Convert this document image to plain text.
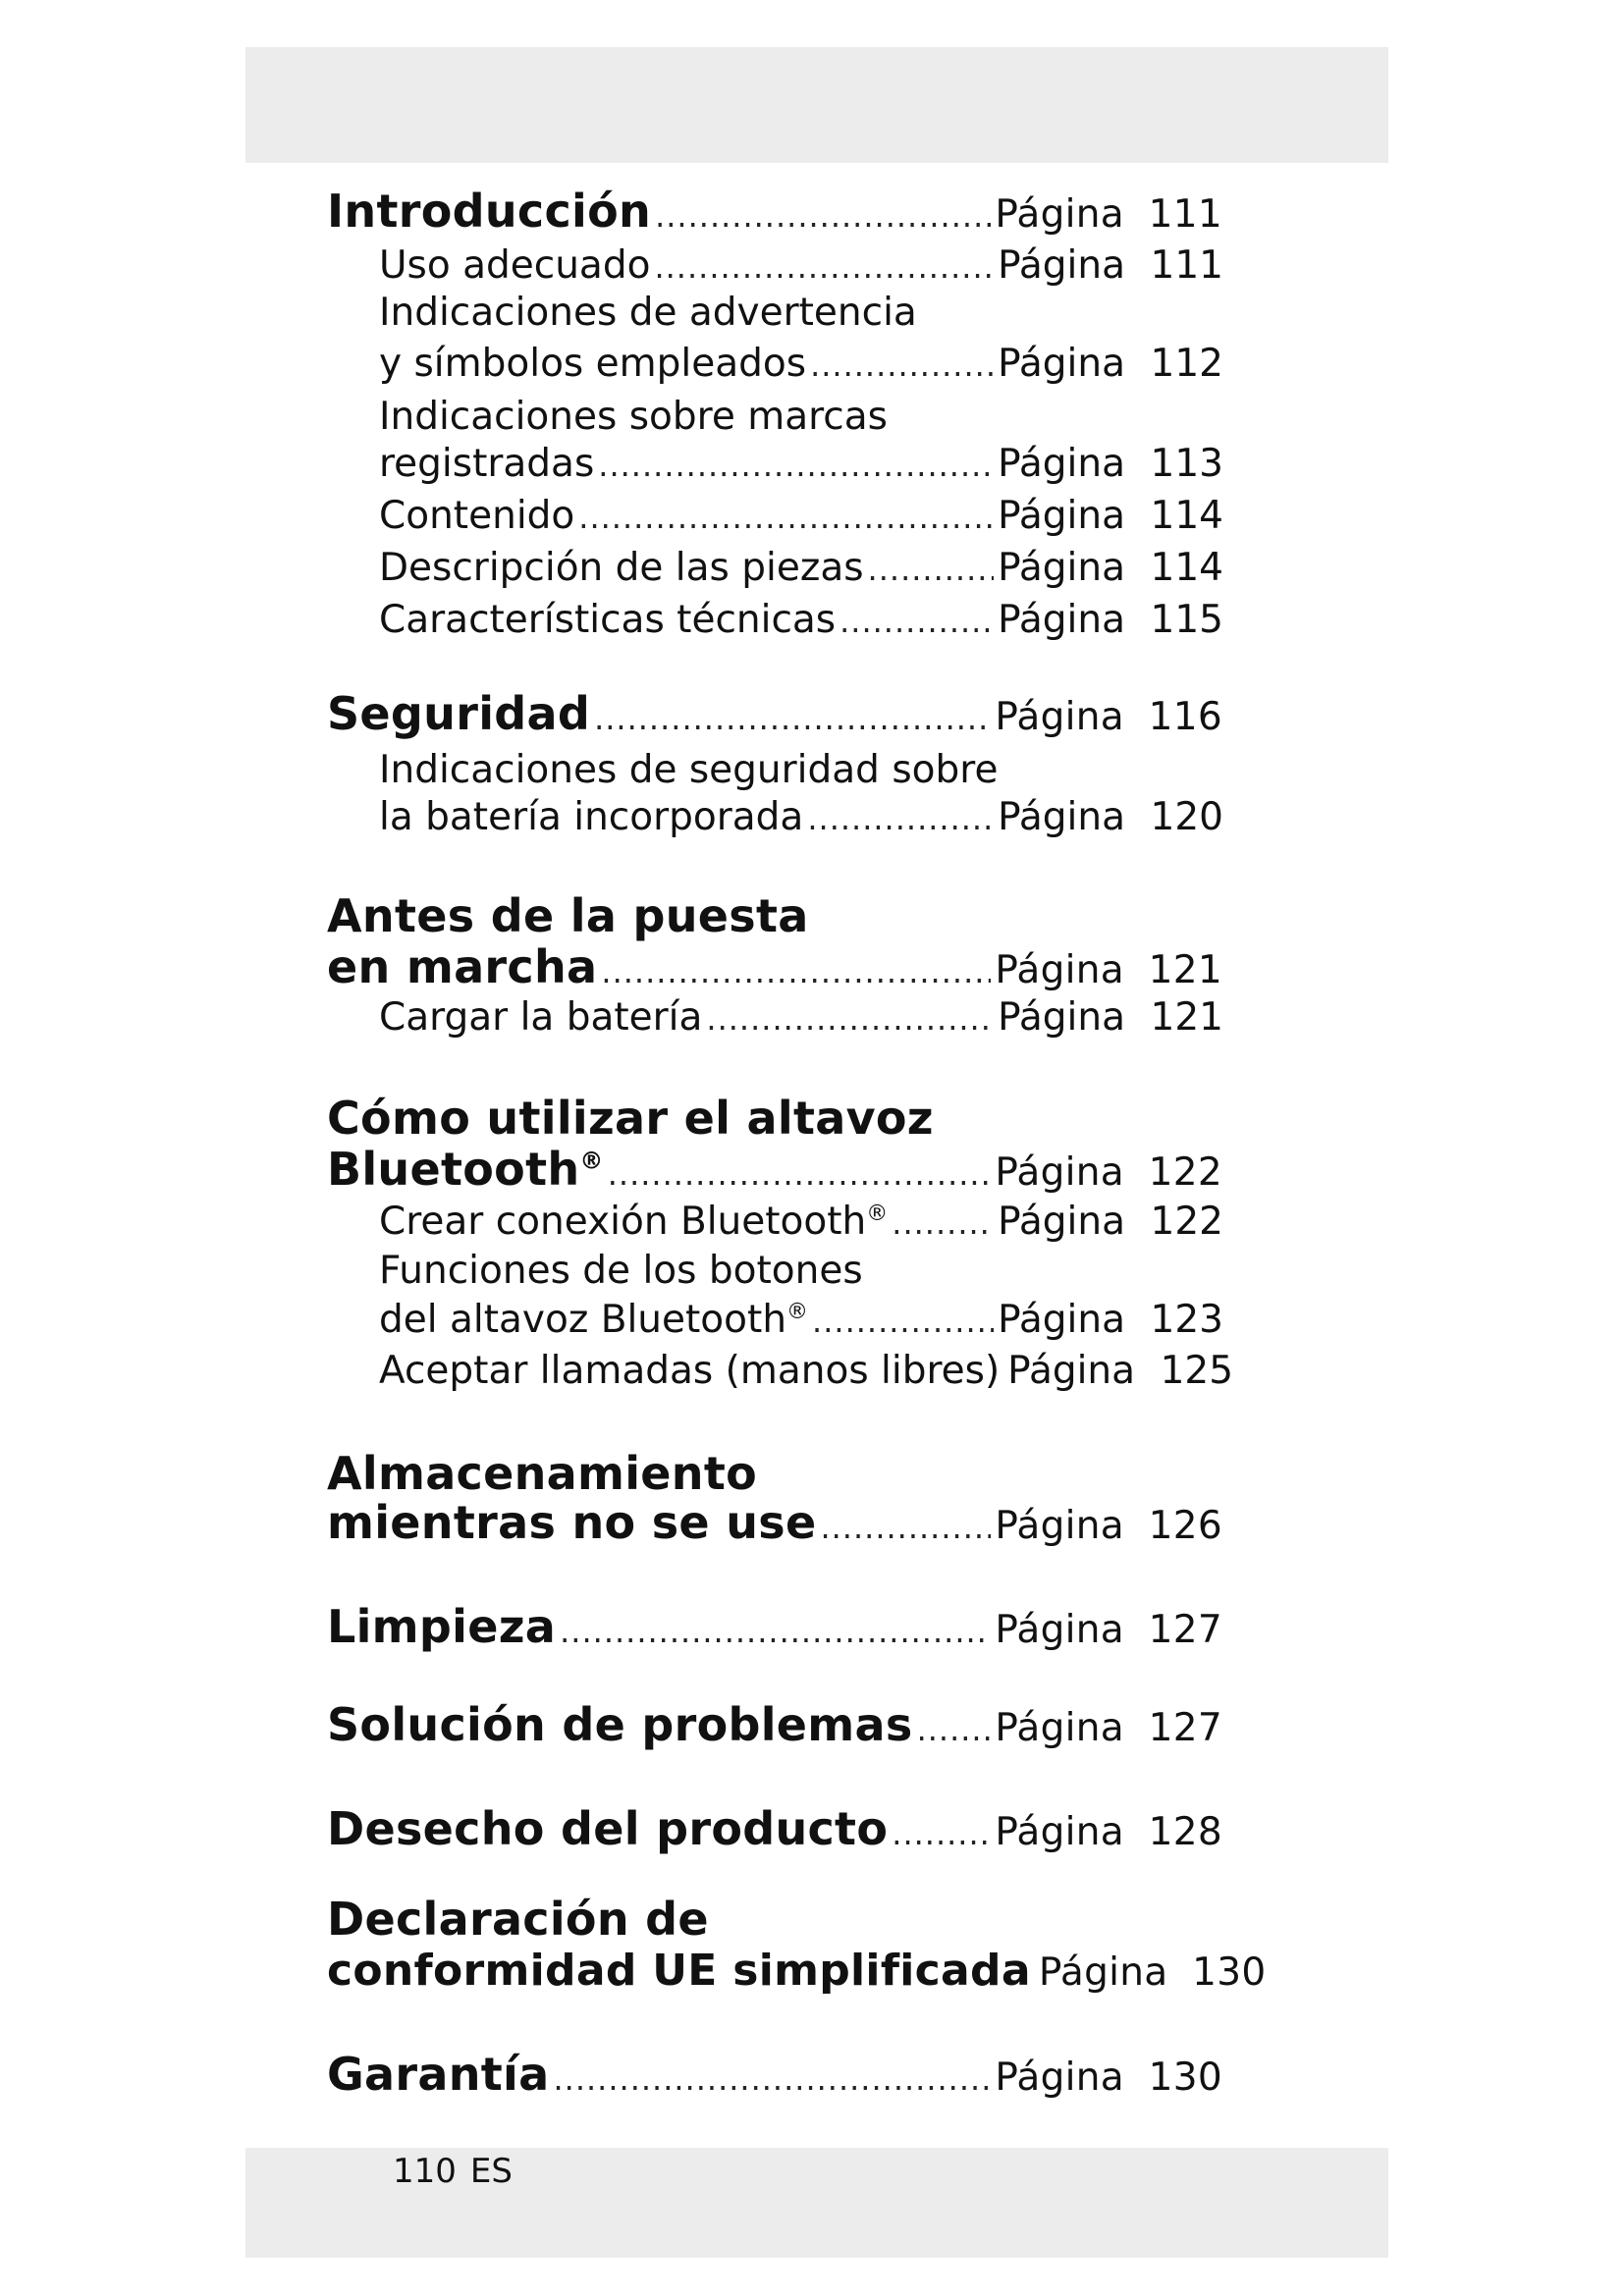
Introducción .....	Página 111
Uso adecuado .....	Página 111
Indicaciones de advertencia
y símbolos empleados .....	Página 112
Indicaciones sobre marcas
registradas .....	Página 113
Contenido .....	Página 114
Descripción de las piezas .....	Página 114
Características técnicas .....	Página 115
Seguridad .....	Página 116
Indicaciones de seguridad sobre
la batería incorporada .....	Página 120
Antes de la puesta
en marcha .....	Página 121
Cargar la batería .....	Página 121
Cómo utilizar el altavoz
Bluetooth® .....	Página 122
Crear conexión Bluetooth® .....	Página 122
Funciones de los botones
del altavoz Bluetooth® .....	Página 123
Aceptar llamadas (manos libres) Página 125
Almacenamiento
mientras no se use .....	Página 126
Limpieza .....	Página 127
Solución de problemas ..... Página 127
Desecho del producto .....	Página 128
Declaración de
conformidad UE simplificada Página 130
Garantía .....	Página 130
110 ES
